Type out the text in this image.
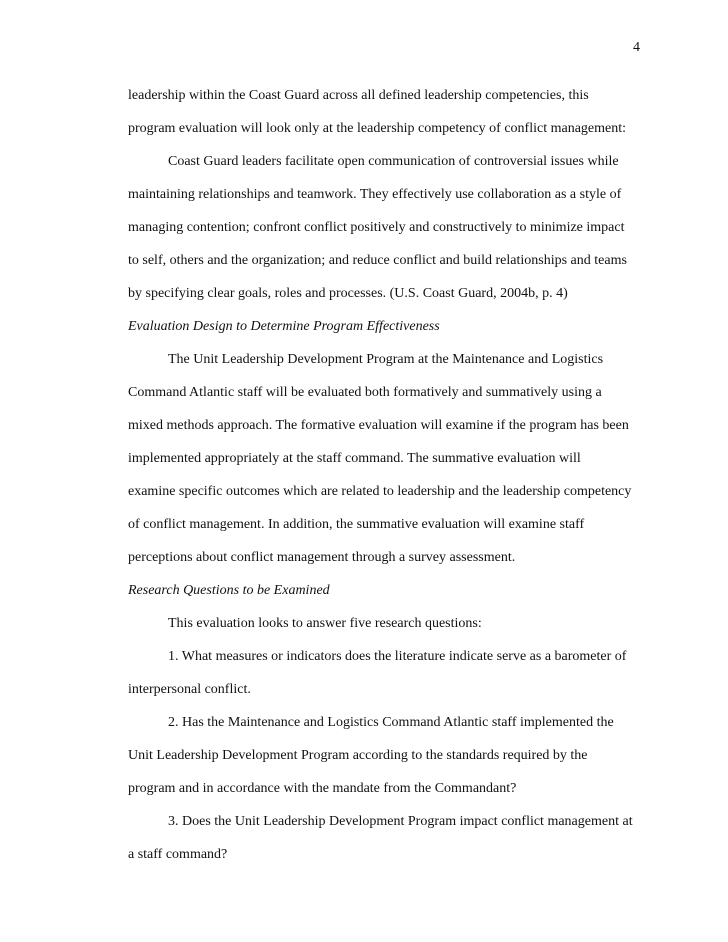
4
leadership within the Coast Guard across all defined leadership competencies, this
program evaluation will look only at the leadership competency of conflict management:
Coast Guard leaders facilitate open communication of controversial issues while
maintaining relationships and teamwork. They effectively use collaboration as a style of
managing contention; confront conflict positively and constructively to minimize impact
to self, others and the organization; and reduce conflict and build relationships and teams
by specifying clear goals, roles and processes. (U.S. Coast Guard, 2004b, p. 4)
Evaluation Design to Determine Program Effectiveness
The Unit Leadership Development Program at the Maintenance and Logistics
Command Atlantic staff will be evaluated both formatively and summatively using a
mixed methods approach. The formative evaluation will examine if the program has been
implemented appropriately at the staff command. The summative evaluation will
examine specific outcomes which are related to leadership and the leadership competency
of conflict management. In addition, the summative evaluation will examine staff
perceptions about conflict management through a survey assessment.
Research Questions to be Examined
This evaluation looks to answer five research questions:
1. What measures or indicators does the literature indicate serve as a barometer of
interpersonal conflict.
2. Has the Maintenance and Logistics Command Atlantic staff implemented the
Unit Leadership Development Program according to the standards required by the
program and in accordance with the mandate from the Commandant?
3. Does the Unit Leadership Development Program impact conflict management at
a staff command?
